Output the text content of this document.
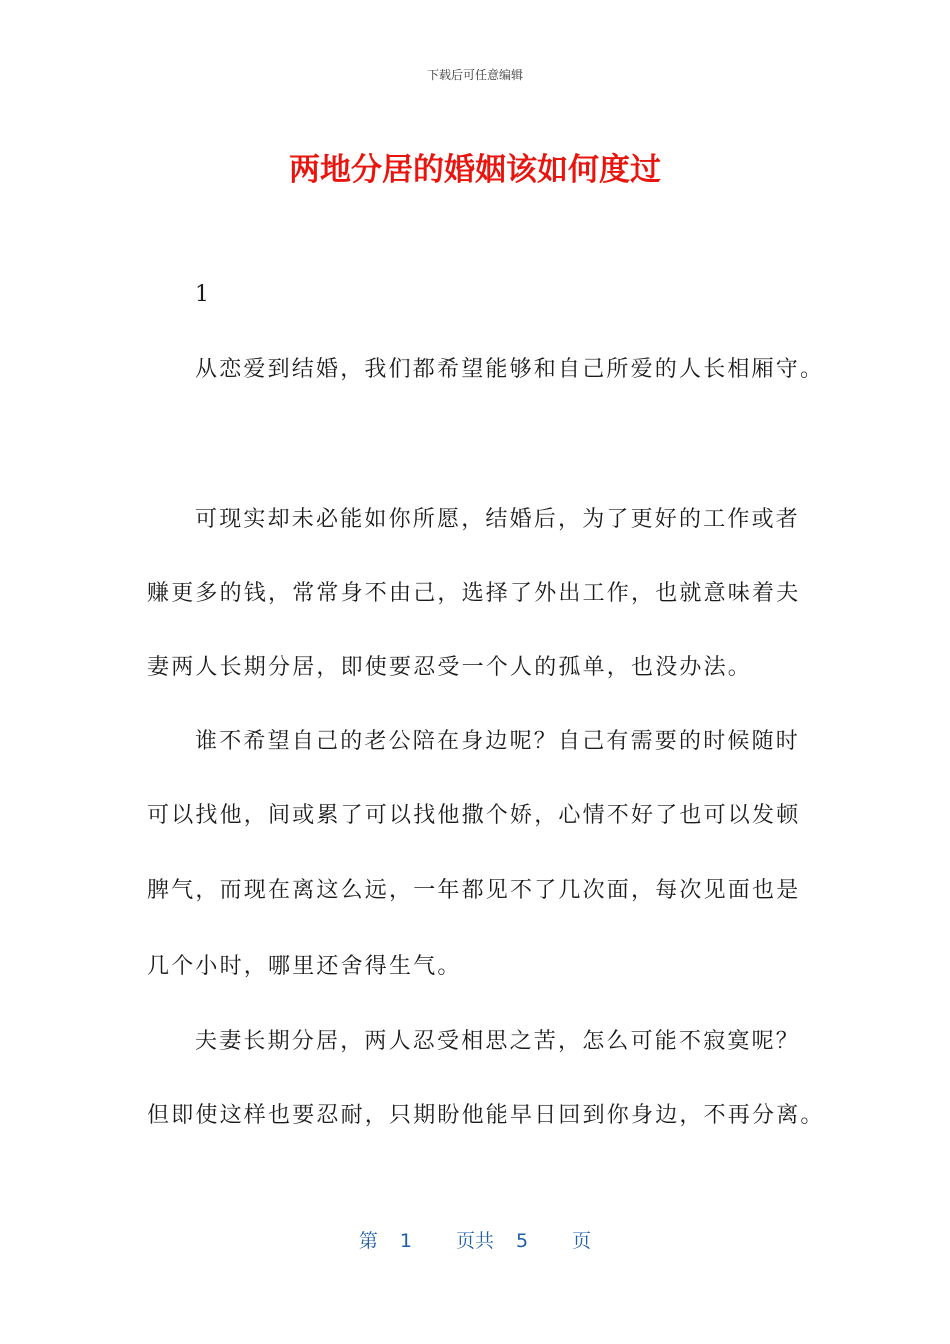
下载后可任意编辑
两地分居的婚姻该如何度过
1
从恋爱到结婚，我们都希望能够和自己所爱的人长相厢守。
可现实却未必能如你所愿，结婚后，为了更好的工作或者
赚更多的钱，常常身不由己，选择了外出工作，也就意味着夫
妻两人长期分居，即使要忍受一个人的孤单，也没办法。
谁不希望自己的老公陪在身边呢？自己有需要的时候随时
可以找他，间或累了可以找他撒个娇，心情不好了也可以发顿
脾气，而现在离这么远，一年都见不了几次面，每次见面也是
几个小时，哪里还舍得生气。
夫妻长期分居，两人忍受相思之苦，怎么可能不寂寞呢？
但即使这样也要忍耐，只期盼他能早日回到你身边，不再分离。
第 1 页共 5 页
